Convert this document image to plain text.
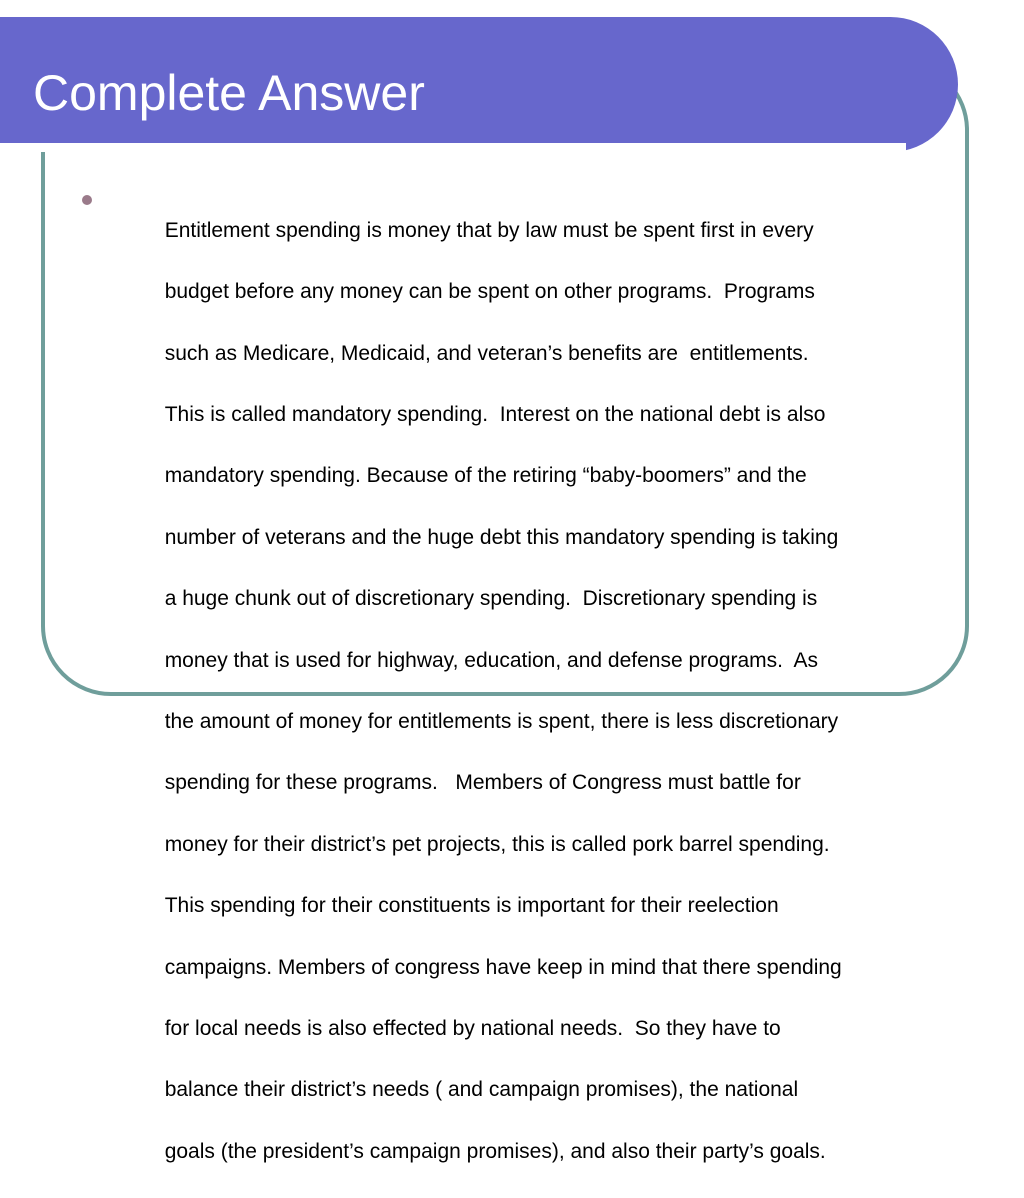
Complete Answer

Entitlement spending is money that by law must be spent first in every

budget before any money can be spent on other programs.  Programs

such as Medicare, Medicaid, and veteran’s benefits are  entitlements.

This is called mandatory spending.  Interest on the national debt is also

mandatory spending. Because of the retiring “baby-boomers” and the

number of veterans and the huge debt this mandatory spending is taking

a huge chunk out of discretionary spending.  Discretionary spending is

money that is used for highway, education, and defense programs.  As

the amount of money for entitlements is spent, there is less discretionary

spending for these programs.   Members of Congress must battle for

money for their district’s pet projects, this is called pork barrel spending.

This spending for their constituents is important for their reelection

campaigns. Members of congress have keep in mind that there spending

for local needs is also effected by national needs.  So they have to

balance their district’s needs ( and campaign promises), the national

goals (the president’s campaign promises), and also their party’s goals.
